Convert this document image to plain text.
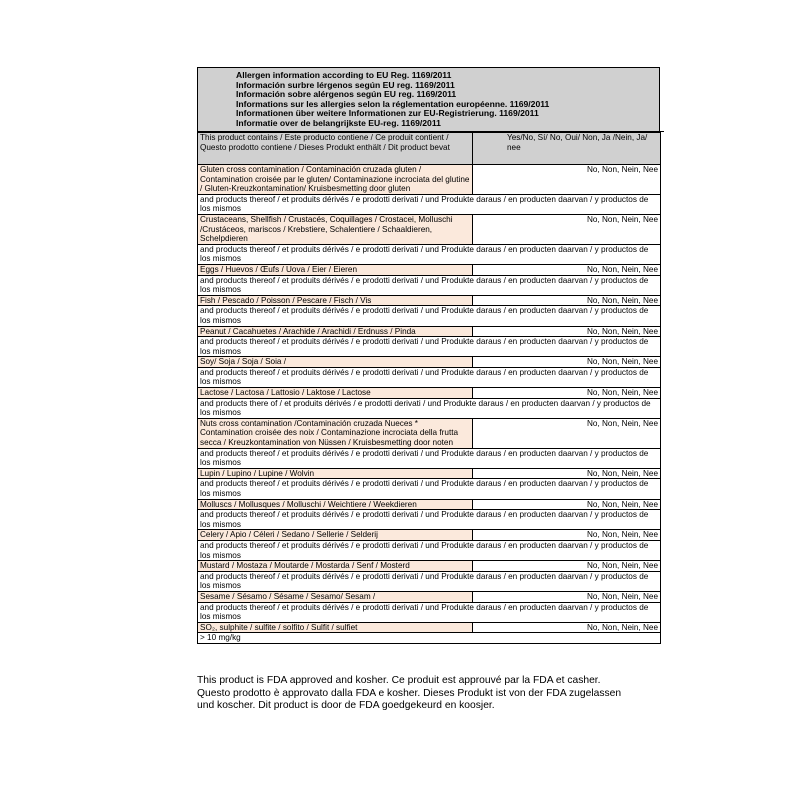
Allergen information according to EU Reg. 1169/2011
Información surbre lérgenos según EU reg. 1169/2011
Información sobre alérgenos según EU reg. 1169/2011
Informations sur les allergies selon la réglementation européenne. 1169/2011
Informationen über weitere Informationen zur EU-Registrierung. 1169/2011
Informatie over de belangrijkste EU-reg. 1169/2011
This product contains / Este producto contiene / Ce produit contient / Questo prodotto contiene / Dieses Produkt enthält / Dit product bevat	Yes/No, Sí/ No, Oui/ Non, Ja /Nein, Ja/ nee
Gluten cross contamination / Contaminación cruzada gluten / Contamination croisée par le gluten/ Contaminazione incrociata del glutine / Gluten-Kreuzkontamination/ Kruisbesmetting door gluten	No, Non, Nein, Nee
and products thereof / et produits dérivés / e prodotti derivati / und Produkte daraus / en producten daarvan / y productos de los mismos	
Crustaceans, Shellfish / Crustacés, Coquillages / Crostacei, Molluschi /Crustáceos, mariscos / Krebstiere, Schalentiere / Schaaldieren, Schelpdieren	No, Non, Nein, Nee
and products thereof / et produits dérivés / e prodotti derivati / und Produkte daraus / en producten daarvan / y productos de los mismos	
Eggs / Huevos / Œufs / Uova / Eier / Eieren	No, Non, Nein, Nee
and products thereof / et produits dérivés / e prodotti derivati / und Produkte daraus / en producten daarvan / y productos de los mismos	
Fish / Pescado / Poisson / Pescare / Fisch / Vis	No, Non, Nein, Nee
and products thereof / et produits dérivés / e prodotti derivati / und Produkte daraus / en producten daarvan / y productos de los mismos	
Peanut / Cacahuetes / Arachide / Arachidi / Erdnuss / Pinda	No, Non, Nein, Nee
and products thereof / et produits dérivés / e prodotti derivati / und Produkte daraus / en producten daarvan / y productos de los mismos	
Soy/ Soja / Soja / Soia /	No, Non, Nein, Nee
and products thereof / et produits dérivés / e prodotti derivati / und Produkte daraus / en producten daarvan / y productos de los mismos	
Lactose / Lactosa / Lattosio / Laktose / Lactose	No, Non, Nein, Nee
and products there of / et produits dérivés / e prodotti derivati / und Produkte daraus / en producten daarvan / y productos de los mismos	
Nuts cross contamination /Contaminación cruzada Nueces * Contamination croisée des noix / Contaminazione incrociata della frutta secca / Kreuzkontamination von Nüssen / Kruisbesmetting door noten	No, Non, Nein, Nee
and products thereof / et produits dérivés / e prodotti derivati / und Produkte daraus / en producten daarvan / y productos de los mismos	
Lupin / Lupino / Lupine / Wolvin	No, Non, Nein, Nee
and products thereof / et produits dérivés / e prodotti derivati / und Produkte daraus / en producten daarvan / y productos de los mismos	
Molluscs / Mollusques / Molluschi / Weichtiere / Weekdieren	No, Non, Nein, Nee
and products thereof / et produits dérivés / e prodotti derivati / und Produkte daraus / en producten daarvan / y productos de los mismos	
Celery / Apio / Céleri / Sedano / Sellerie / Selderij	No, Non, Nein, Nee
and products thereof / et produits dérivés / e prodotti derivati / und Produkte daraus / en producten daarvan / y productos de los mismos	
Mustard / Mostaza / Moutarde / Mostarda / Senf / Mosterd	No, Non, Nein, Nee
and products thereof / et produits dérivés / e prodotti derivati / und Produkte daraus / en producten daarvan / y productos de los mismos	
Sesame / Sésamo / Sésame / Sesamo/ Sesam /	No, Non, Nein, Nee
and products thereof / et produits dérivés / e prodotti derivati / und Produkte daraus / en producten daarvan / y productos de los mismos	
SO₂, sulphite / sulfite / solfito / Sulfit / sulfiet	No, Non, Nein, Nee
> 10 mg/kg	
This product is FDA approved and kosher. Ce produit est approuvé par la FDA et casher. Questo prodotto è approvato dalla FDA e kosher. Dieses Produkt ist von der FDA zugelassen und koscher. Dit product is door de FDA goedgekeurd en koosjer.
